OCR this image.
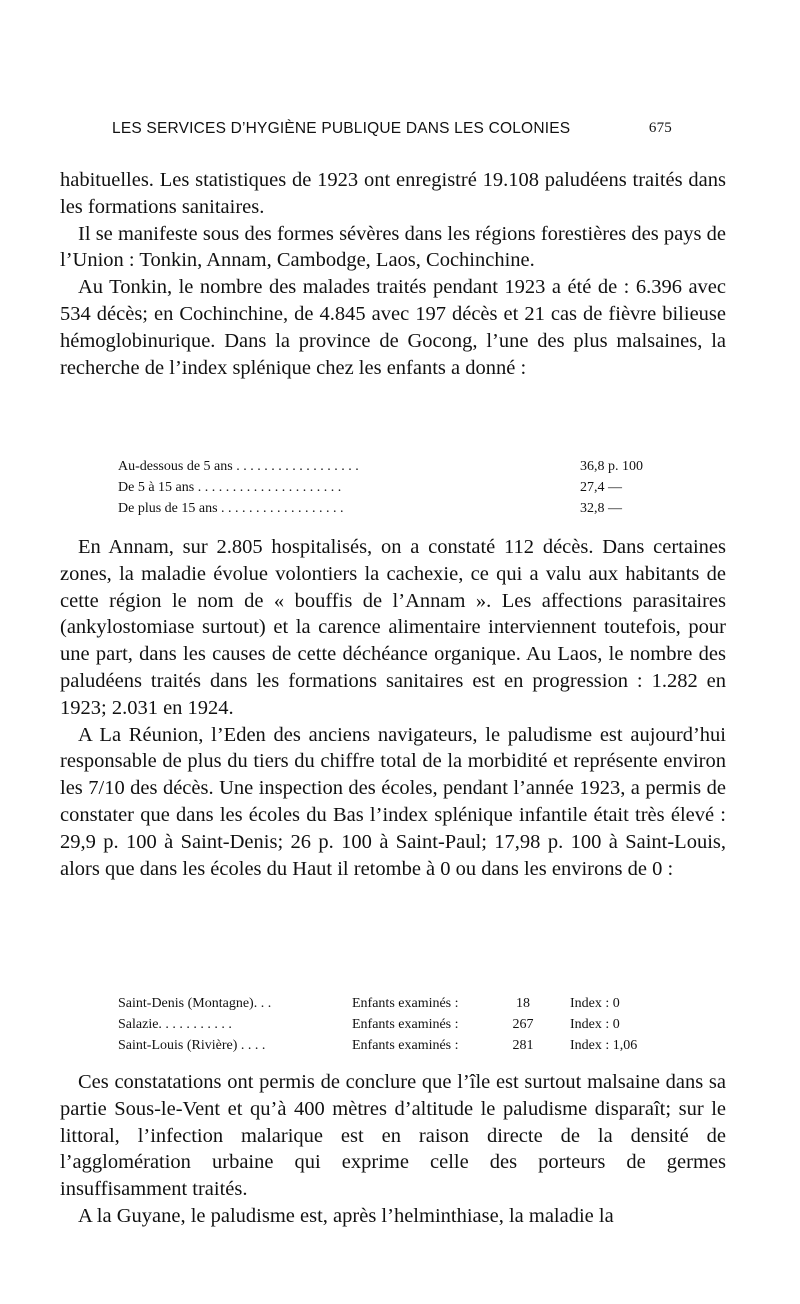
LES SERVICES D’HYGIÈNE PUBLIQUE DANS LES COLONIES	675

habituelles. Les statistiques de 1923 ont enregistré 19.108 paludéens traités dans les formations sanitaires.

Il se manifeste sous des formes sévères dans les régions forestières des pays de l’Union : Tonkin, Annam, Cambodge, Laos, Cochinchine.

Au Tonkin, le nombre des malades traités pendant 1923 a été de : 6.396 avec 534 décès; en Cochinchine, de 4.845 avec 197 décès et 21 cas de fièvre bilieuse hémoglobinurique. Dans la province de Gocong, l’une des plus malsaines, la recherche de l’index splénique chez les enfants a donné :

Au-dessous de 5 ans . . . . . . . . . . . . . . . . . .	36,8 p. 100
De 5 à 15 ans . . . . . . . . . . . . . . . . . . . . .	27,4 —
De plus de 15 ans . . . . . . . . . . . . . . . . . .	32,8 —

En Annam, sur 2.805 hospitalisés, on a constaté 112 décès. Dans certaines zones, la maladie évolue volontiers la cachexie, ce qui a valu aux habitants de cette région le nom de « bouffis de l’Annam ». Les affections parasitaires (ankylostomiase surtout) et la carence alimentaire interviennent toutefois, pour une part, dans les causes de cette déchéance organique. Au Laos, le nombre des paludéens traités dans les formations sanitaires est en progression : 1.282 en 1923; 2.031 en 1924.

A La Réunion, l’Eden des anciens navigateurs, le paludisme est aujourd’hui responsable de plus du tiers du chiffre total de la morbidité et représente environ les 7/10 des décès. Une inspection des écoles, pendant l’année 1923, a permis de constater que dans les écoles du Bas l’index splénique infantile était très élevé : 29,9 p. 100 à Saint-Denis; 26 p. 100 à Saint-Paul; 17,98 p. 100 à Saint-Louis, alors que dans les écoles du Haut il retombe à 0 ou dans les environs de 0 :

Saint-Denis (Montagne). . .	Enfants examinés :	18	Index : 0
Salazie. . . . . . . . . . .	Enfants examinés :	267	Index : 0
Saint-Louis (Rivière) . . . .	Enfants examinés :	281	Index : 1,06

Ces constatations ont permis de conclure que l’île est surtout malsaine dans sa partie Sous-le-Vent et qu’à 400 mètres d’altitude le paludisme disparaît; sur le littoral, l’infection malarique est en raison directe de la densité de l’agglomération urbaine qui exprime celle des porteurs de germes insuffisamment traités.

A la Guyane, le paludisme est, après l’helminthiase, la maladie la
